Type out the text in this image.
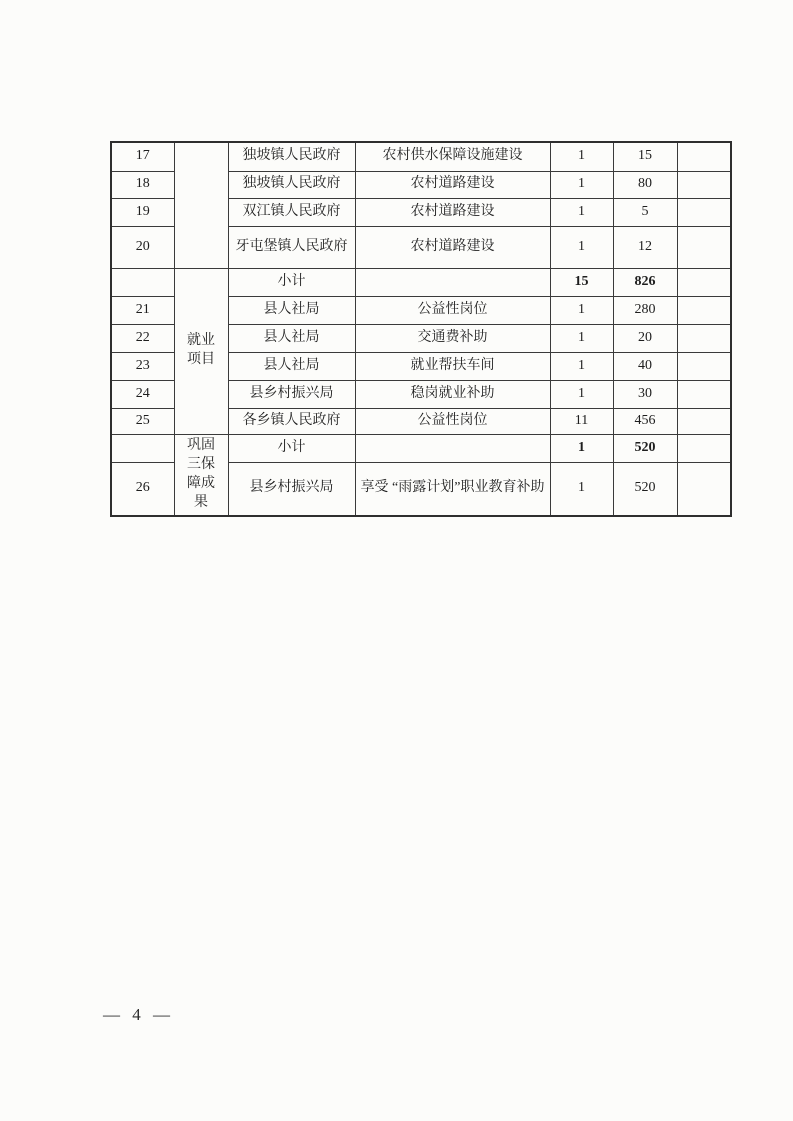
17		独坡镇人民政府	农村供水保障设施建设	1	15	
18		独坡镇人民政府	农村道路建设	1	80	
19		双江镇人民政府	农村道路建设	1	5	
20		牙屯堡镇人民政府	农村道路建设	1	12	
	就业项目	小计		15	826	
21		县人社局	公益性岗位	1	280	
22		县人社局	交通费补助	1	20	
23		县人社局	就业帮扶车间	1	40	
24		县乡村振兴局	稳岗就业补助	1	30	
25		各乡镇人民政府	公益性岗位	11	456	
	巩固三保障成果	小计		1	520	
26		县乡村振兴局	享受 “雨露计划”职业教育补助	1	520	
— 4 —
